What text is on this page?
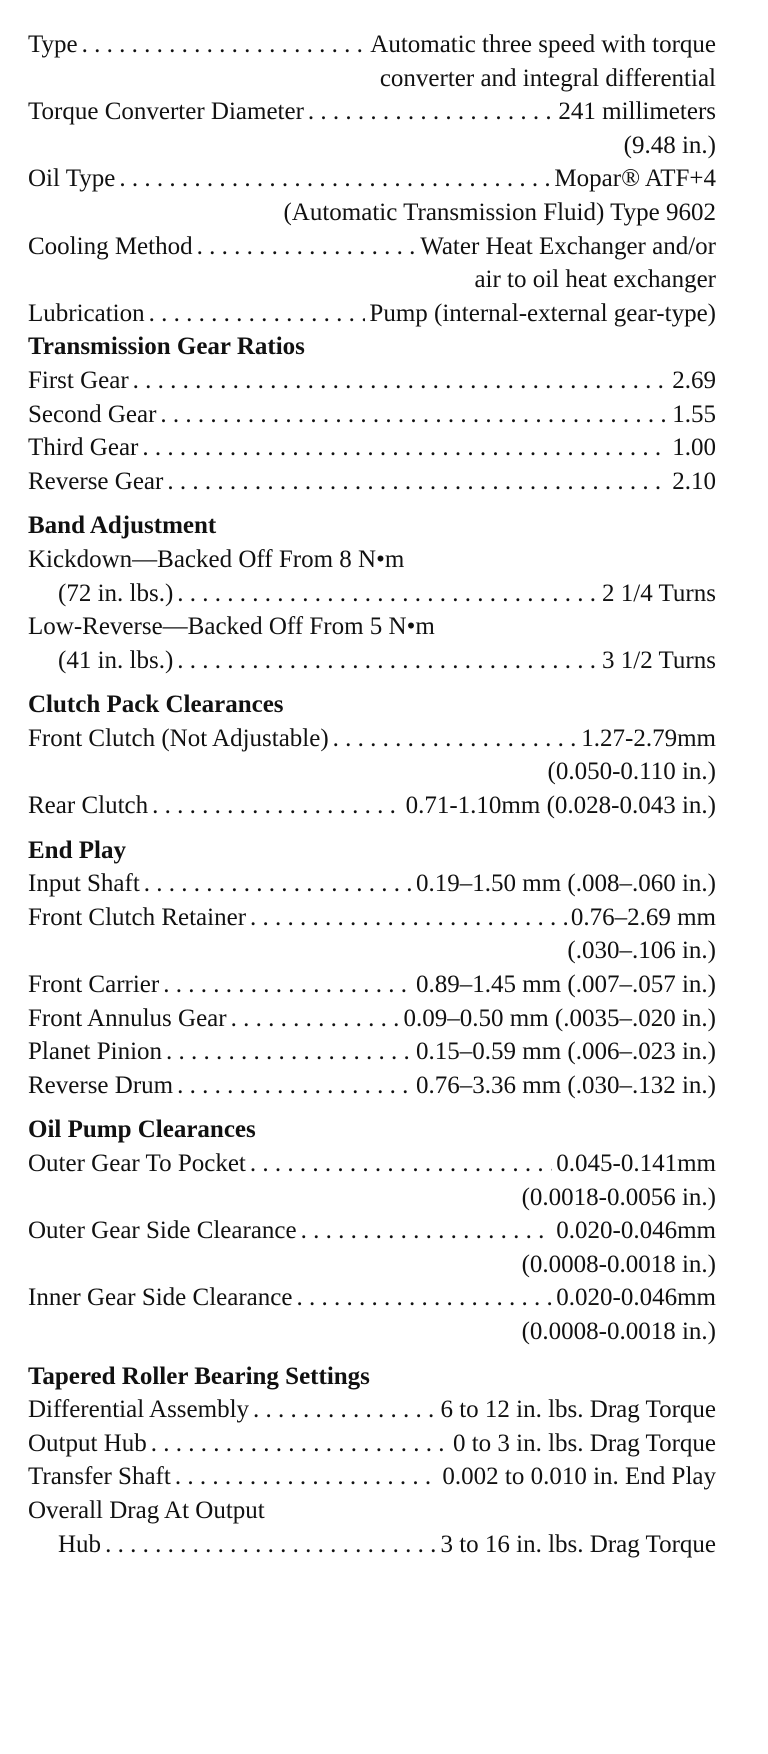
Type . . .	Automatic three speed with torque
converter and integral differential
Torque Converter Diameter . . .	241 millimeters
(9.48 in.)
Oil Type . . .	Mopar® ATF+4
(Automatic Transmission Fluid) Type 9602
Cooling Method . . .	Water Heat Exchanger and/or
air to oil heat exchanger
Lubrication . . .	Pump (internal-external gear-type)
Transmission Gear Ratios
First Gear . . .	2.69
Second Gear . . .	1.55
Third Gear . . .	1.00
Reverse Gear . . .	2.10
Band Adjustment
Kickdown—Backed Off From 8 N•m
(72 in. lbs.) . . .	2 1/4 Turns
Low-Reverse—Backed Off From 5 N•m
(41 in. lbs.) . . .	3 1/2 Turns
Clutch Pack Clearances
Front Clutch (Not Adjustable) . . .	1.27-2.79mm
(0.050-0.110 in.)
Rear Clutch . . .	0.71-1.10mm (0.028-0.043 in.)
End Play
Input Shaft . . .	0.19–1.50 mm (.008–.060 in.)
Front Clutch Retainer . . .	0.76–2.69 mm
(.030–.106 in.)
Front Carrier . . .	0.89–1.45 mm (.007–.057 in.)
Front Annulus Gear . . .	0.09–0.50 mm (.0035–.020 in.)
Planet Pinion . . .	0.15–0.59 mm (.006–.023 in.)
Reverse Drum . . .	0.76–3.36 mm (.030–.132 in.)
Oil Pump Clearances
Outer Gear To Pocket . . .	0.045-0.141mm
(0.0018-0.0056 in.)
Outer Gear Side Clearance . . .	0.020-0.046mm
(0.0008-0.0018 in.)
Inner Gear Side Clearance . . .	0.020-0.046mm
(0.0008-0.0018 in.)
Tapered Roller Bearing Settings
Differential Assembly . . .	6 to 12 in. lbs. Drag Torque
Output Hub . . .	0 to 3 in. lbs. Drag Torque
Transfer Shaft . . .	0.002 to 0.010 in. End Play
Overall Drag At Output
Hub . . .	3 to 16 in. lbs. Drag Torque
